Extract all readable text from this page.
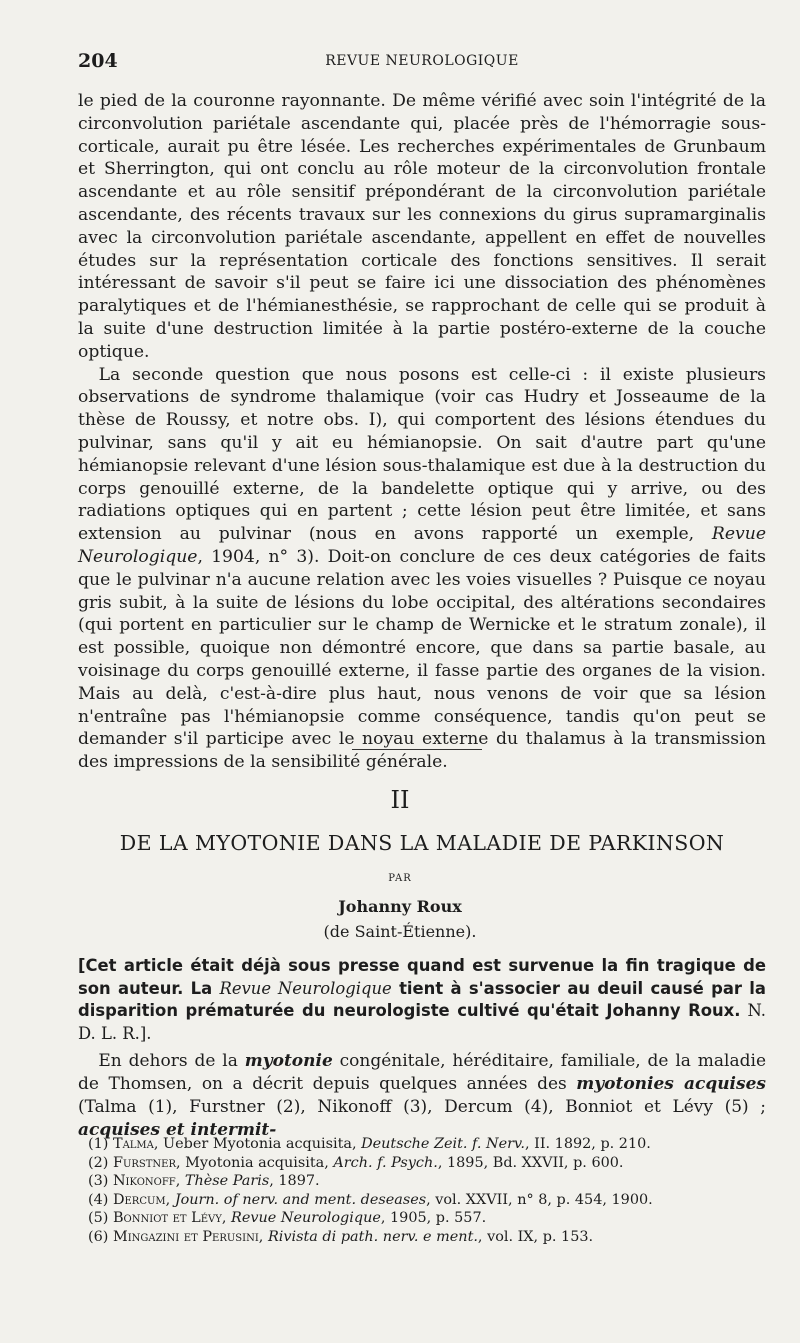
204	REVUE NEUROLOGIQUE

le pied de la couronne rayonnante. De même vérifié avec soin l'intégrité de la circonvolution pariétale ascendante qui, placée près de l'hémorragie sous-corticale, aurait pu être lésée. Les recherches expérimentales de Grunbaum et Sherrington, qui ont conclu au rôle moteur de la circonvolution frontale ascendante et au rôle sensitif prépondérant de la circonvolution pariétale ascendante, des récents travaux sur les connexions du girus supramarginalis avec la circonvolution pariétale ascendante, appellent en effet de nouvelles études sur la représentation corticale des fonctions sensitives. Il serait intéressant de savoir s'il peut se faire ici une dissociation des phénomènes paralytiques et de l'hémianesthésie, se rapprochant de celle qui se produit à la suite d'une destruction limitée à la partie postéro-externe de la couche optique.

La seconde question que nous posons est celle-ci : il existe plusieurs observations de syndrome thalamique (voir cas Hudry et Josseaume de la thèse de Roussy, et notre obs. I), qui comportent des lésions étendues du pulvinar, sans qu'il y ait eu hémianopsie. On sait d'autre part qu'une hémianopsie relevant d'une lésion sous-thalamique est due à la destruction du corps genouillé externe, de la bandelette optique qui y arrive, ou des radiations optiques qui en partent ; cette lésion peut être limitée, et sans extension au pulvinar (nous en avons rapporté un exemple, Revue Neurologique, 1904, n° 3). Doit-on conclure de ces deux catégories de faits que le pulvinar n'a aucune relation avec les voies visuelles ? Puisque ce noyau gris subit, à la suite de lésions du lobe occipital, des altérations secondaires (qui portent en particulier sur le champ de Wernicke et le stratum zonale), il est possible, quoique non démontré encore, que dans sa partie basale, au voisinage du corps genouillé externe, il fasse partie des organes de la vision. Mais au delà, c'est-à-dire plus haut, nous venons de voir que sa lésion n'entraîne pas l'hémianopsie comme conséquence, tandis qu'on peut se demander s'il participe avec le noyau externe du thalamus à la transmission des impressions de la sensibilité générale.

II
DE LA MYOTONIE DANS LA MALADIE DE PARKINSON
PAR
Johanny Roux
(de Saint-Étienne).
[Cet article était déjà sous presse quand est survenue la fin tragique de son auteur. La Revue Neurologique tient à s'associer au deuil causé par la disparition prématurée du neurologiste cultivé qu'était Johanny Roux. N. D. L. R.].
En dehors de la myotonie congénitale, héréditaire, familiale, de la maladie de Thomsen, on a décrit depuis quelques années des myotonies acquises (Talma (1), Furstner (2), Nikonoff (3), Dercum (4), Bonniot et Lévy (5) ; acquises et intermit-
(1) Talma, Ueber Myotonia acquisita, Deutsche Zeit. f. Nerv., II. 1892, p. 210.
(2) Furstner, Myotonia acquisita, Arch. f. Psych., 1895, Bd. XXVII, p. 600.
(3) Nikonoff, Thèse Paris, 1897.
(4) Dercum, Journ. of nerv. and ment. deseases, vol. XXVII, n° 8, p. 454, 1900.
(5) Bonniot et Lévy, Revue Neurologique, 1905, p. 557.
(6) Mingazini et Perusini, Rivista di path. nerv. e ment., vol. IX, p. 153.
